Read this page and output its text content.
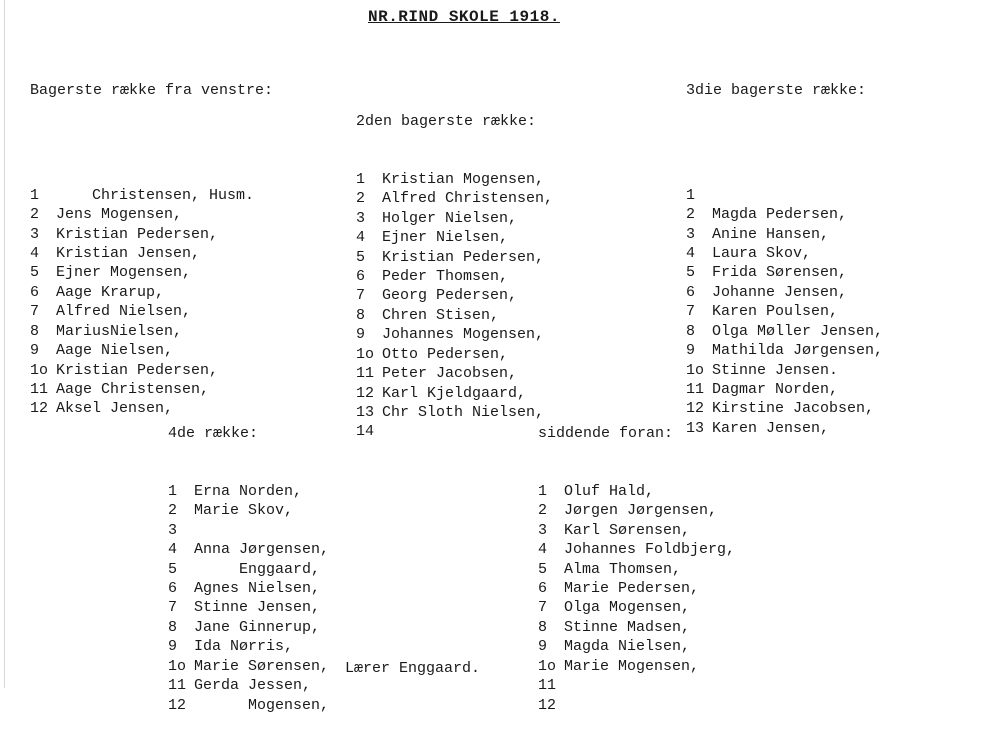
NR.RIND SKOLE 1918.

Bagerste række fra venstre:

1    Christensen, Husm.
2 Jens Mogensen,
3 Kristian Pedersen,
4 Kristian Jensen,
5 Ejner Mogensen,
6 Aage Krarup,
7 Alfred Nielsen,
8 MariusNielsen,
9 Aage Nielsen,
1o Kristian Pedersen,
11 Aage Christensen,
12 Aksel Jensen,

2den bagerste række:

1 Kristian Mogensen,
2 Alfred Christensen,
3 Holger Nielsen,
4 Ejner Nielsen,
5 Kristian Pedersen,
6 Peder Thomsen,
7 Georg Pedersen,
8 Chren Stisen,
9 Johannes Mogensen,
1o Otto Pedersen,
11 Peter Jacobsen,
12 Karl Kjeldgaard,
13 Chr Sloth Nielsen,
14

3die bagerste række:

1
2 Magda Pedersen,
3 Anine Hansen,
4 Laura Skov,
5 Frida Sørensen,
6 Johanne Jensen,
7 Karen Poulsen,
8 Olga Møller Jensen,
9 Mathilda Jørgensen,
1o Stinne Jensen.
11 Dagmar Norden,
12 Kirstine Jacobsen,
13 Karen Jensen,

4de række:

1 Erna Norden,
2 Marie Skov,
3
4 Anna Jørgensen,
5     Enggaard,
6 Agnes Nielsen,
7 Stinne Jensen,
8 Jane Ginnerup,
9 Ida Nørris,
1o Marie Sørensen,
11 Gerda Jessen,
12      Mogensen,

siddende foran:

1 Oluf Hald,
2 Jørgen Jørgensen,
3 Karl Sørensen,
4 Johannes Foldbjerg,
5 Alma Thomsen,
6 Marie Pedersen,
7 Olga Mogensen,
8 Stinne Madsen,
9 Magda Nielsen,
1o Marie Mogensen,
11
12

Lærer Enggaard.
